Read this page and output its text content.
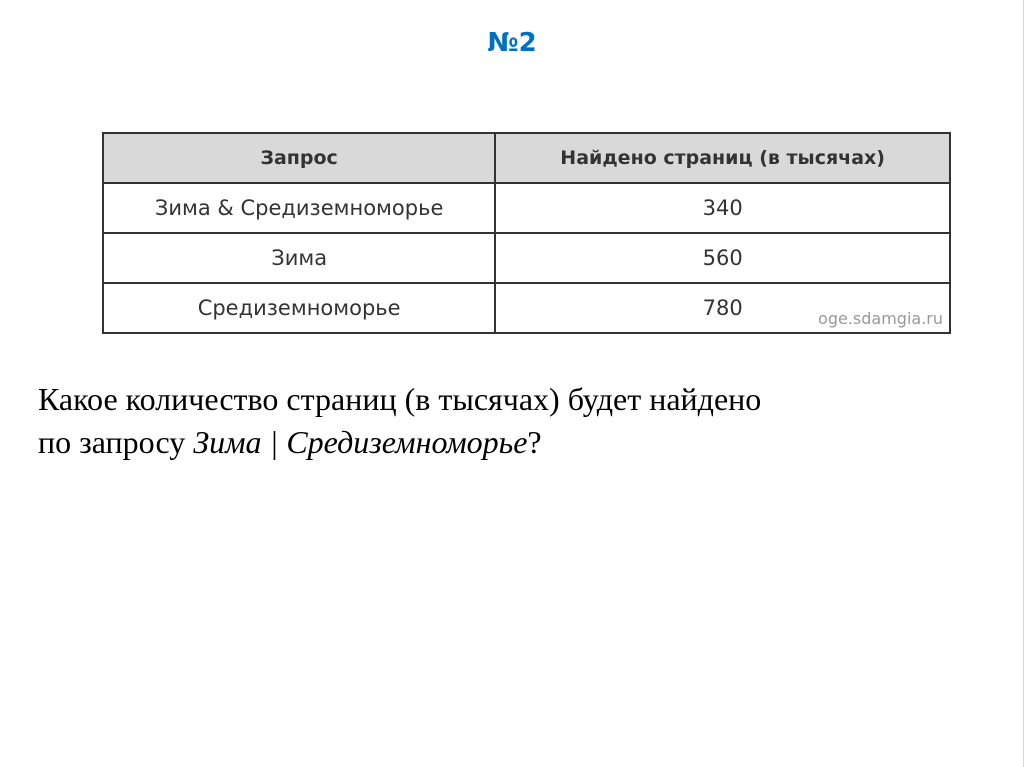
№2
Запрос	Найдено страниц (в тысячах)
Зима & Средиземноморье	340
Зима	560
Средиземноморье	780 oge.sdamgia.ru
Какое количество страниц (в тысячах) будет найдено
по запросу Зима | Средиземноморье?
